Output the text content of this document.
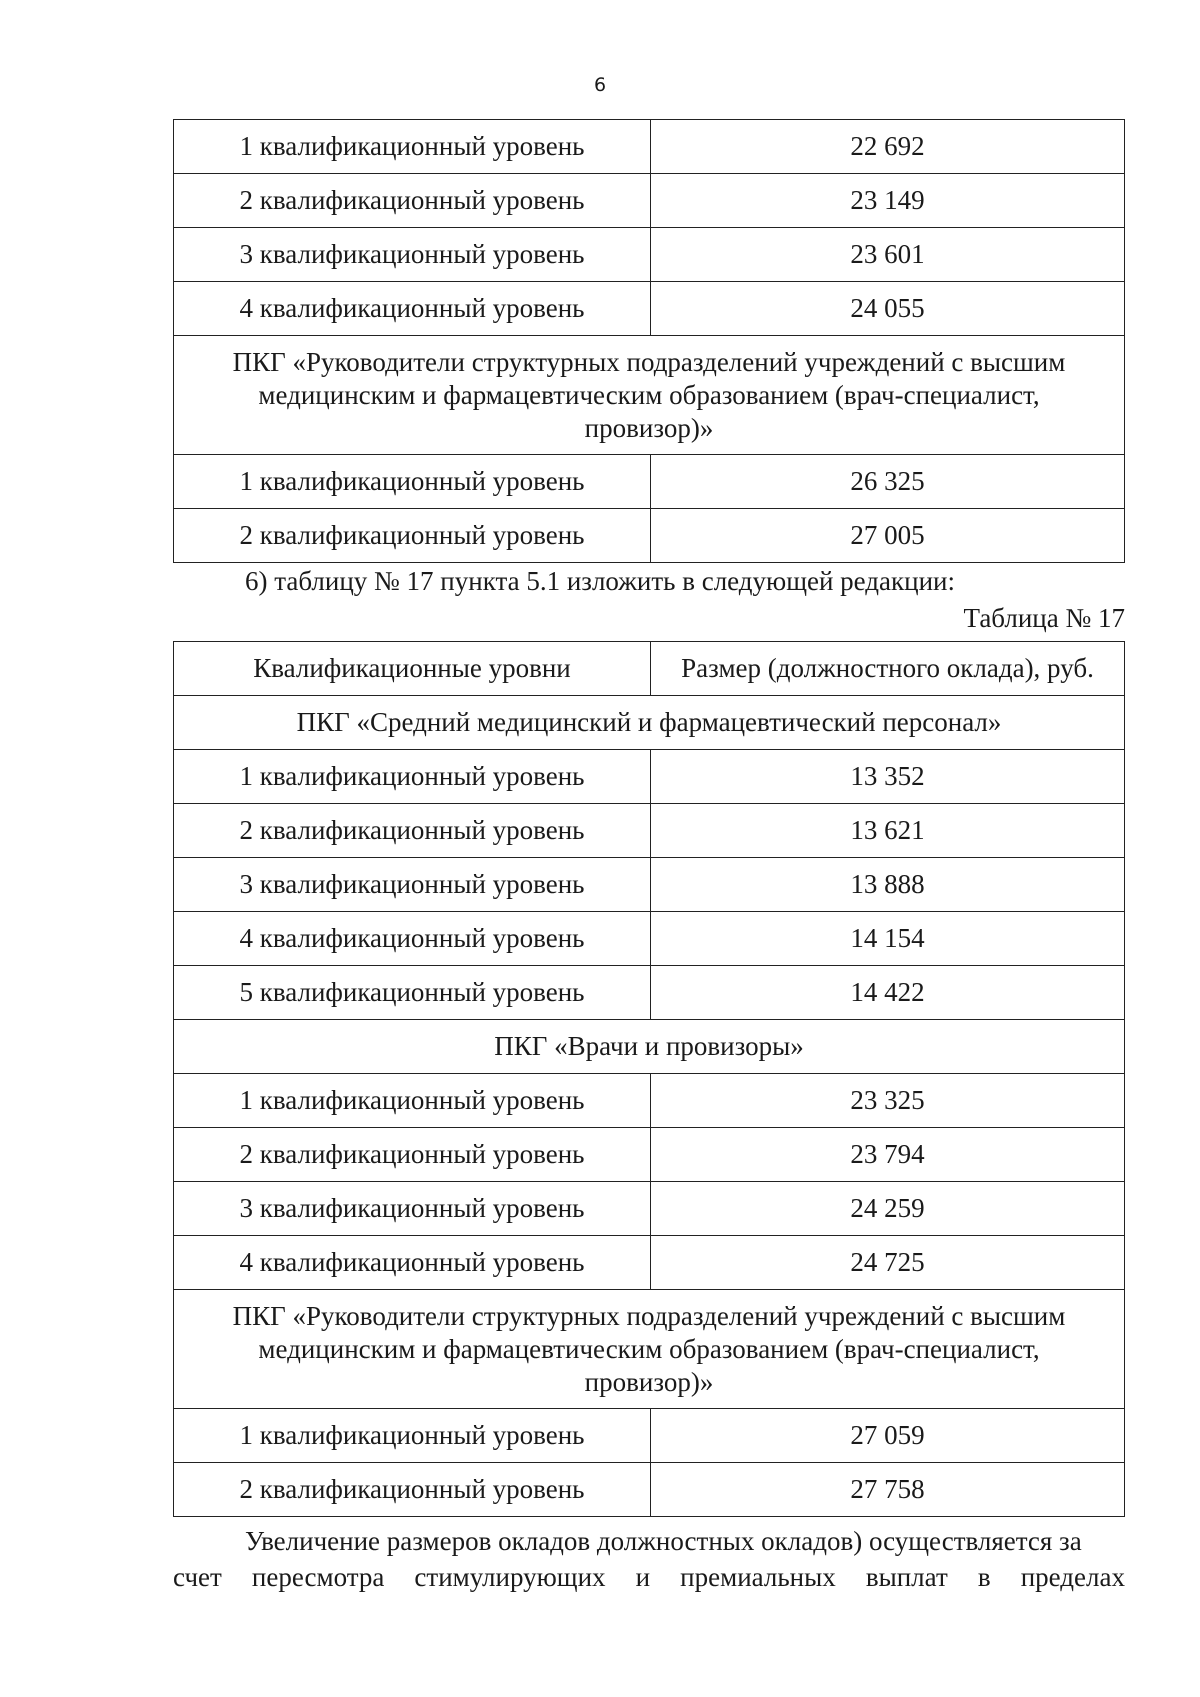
6
1 квалификационный уровень	22 692
2 квалификационный уровень	23 149
3 квалификационный уровень	23 601
4 квалификационный уровень	24 055
ПКГ «Руководители структурных подразделений учреждений с высшим медицинским и фармацевтическим образованием (врач-специалист, провизор)»	
1 квалификационный уровень	26 325
2 квалификационный уровень	27 005
6) таблицу № 17 пункта 5.1 изложить в следующей редакции:
Таблица № 17
Квалификационные уровни	Размер (должностного оклада), руб.
ПКГ «Средний медицинский и фармацевтический персонал»	
1 квалификационный уровень	13 352
2 квалификационный уровень	13 621
3 квалификационный уровень	13 888
4 квалификационный уровень	14 154
5 квалификационный уровень	14 422
ПКГ «Врачи и провизоры»	
1 квалификационный уровень	23 325
2 квалификационный уровень	23 794
3 квалификационный уровень	24 259
4 квалификационный уровень	24 725
ПКГ «Руководители структурных подразделений учреждений с высшим медицинским и фармацевтическим образованием (врач-специалист, провизор)»	
1 квалификационный уровень	27 059
2 квалификационный уровень	27 758
Увеличение размеров окладов должностных окладов) осуществляется за
счет пересмотра стимулирующих и премиальных выплат в пределах
